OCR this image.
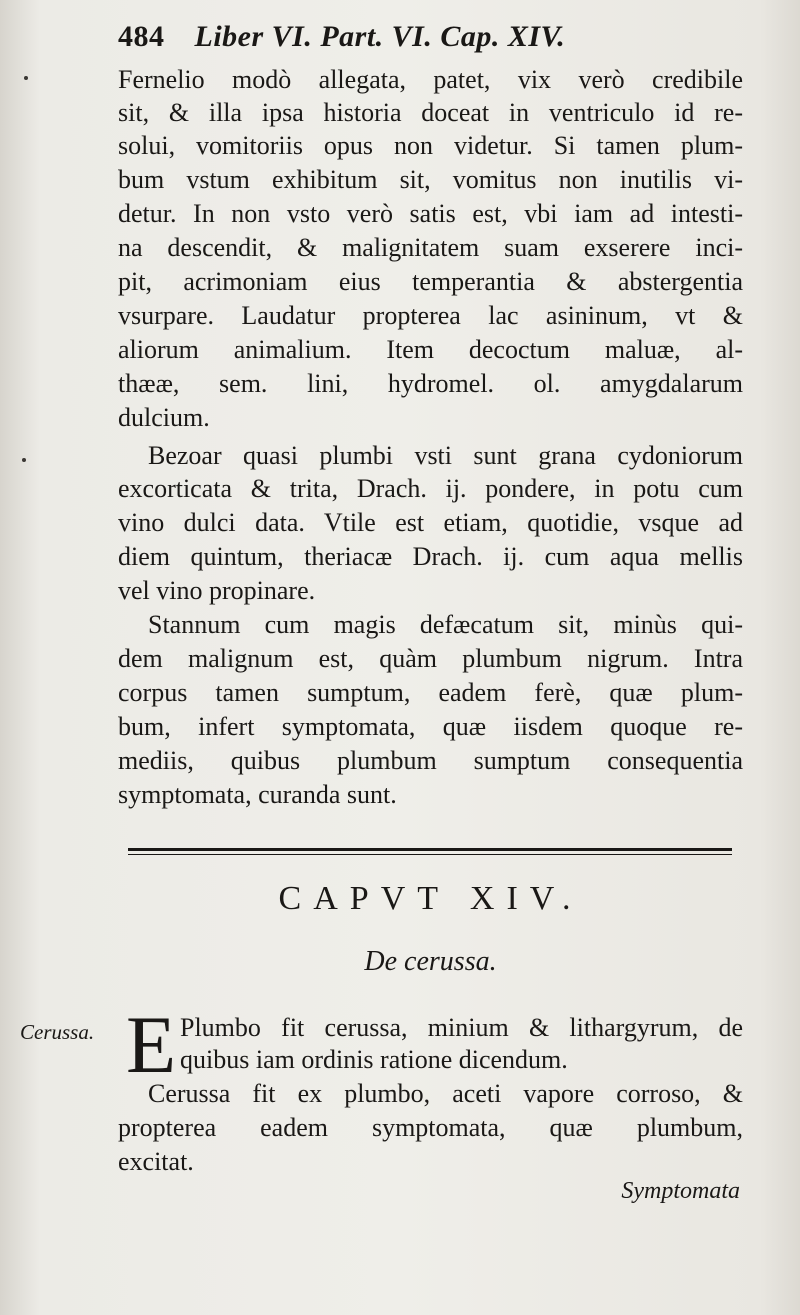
484 Liber VI. Part. VI. Cap. XIV.
Fernelio modò allegata, patet, vix verò credibile
sit, & illa ipsa historia doceat in ventriculo id re-
solui, vomitoriis opus non videtur. Si tamen plum-
bum vstum exhibitum sit, vomitus non inutilis vi-
detur. In non vsto verò satis est, vbi iam ad intesti-
na descendit, & malignitatem suam exserere inci-
pit, acrimoniam eius temperantia & abstergentia
vsurpare. Laudatur propterea lac asininum, vt &
aliorum animalium. Item decoctum maluæ, al-
thææ, sem. lini, hydromel. ol. amygdalarum
dulcium.
Bezoar quasi plumbi vsti sunt grana cydoniorum
excorticata & trita, Drach. ij. pondere, in potu cum
vino dulci data. Vtile est etiam, quotidie, vsque ad
diem quintum, theriacæ Drach. ij. cum aqua mellis
vel vino propinare.
Stannum cum magis defæcatum sit, minùs qui-
dem malignum est, quàm plumbum nigrum. Intra
corpus tamen sumptum, eadem ferè, quæ plum-
bum, infert symptomata, quæ iisdem quoque re-
mediis, quibus plumbum sumptum consequentia
symptomata, curanda sunt.
CAPVT XIV.
De cerussa.
Cerussa. E Plumbo fit cerussa, minium & lithargyrum, de
quibus iam ordinis ratione dicendum.
Cerussa fit ex plumbo, aceti vapore corroso, &
propterea eadem symptomata, quæ plumbum,
excitat.
Symptomata
